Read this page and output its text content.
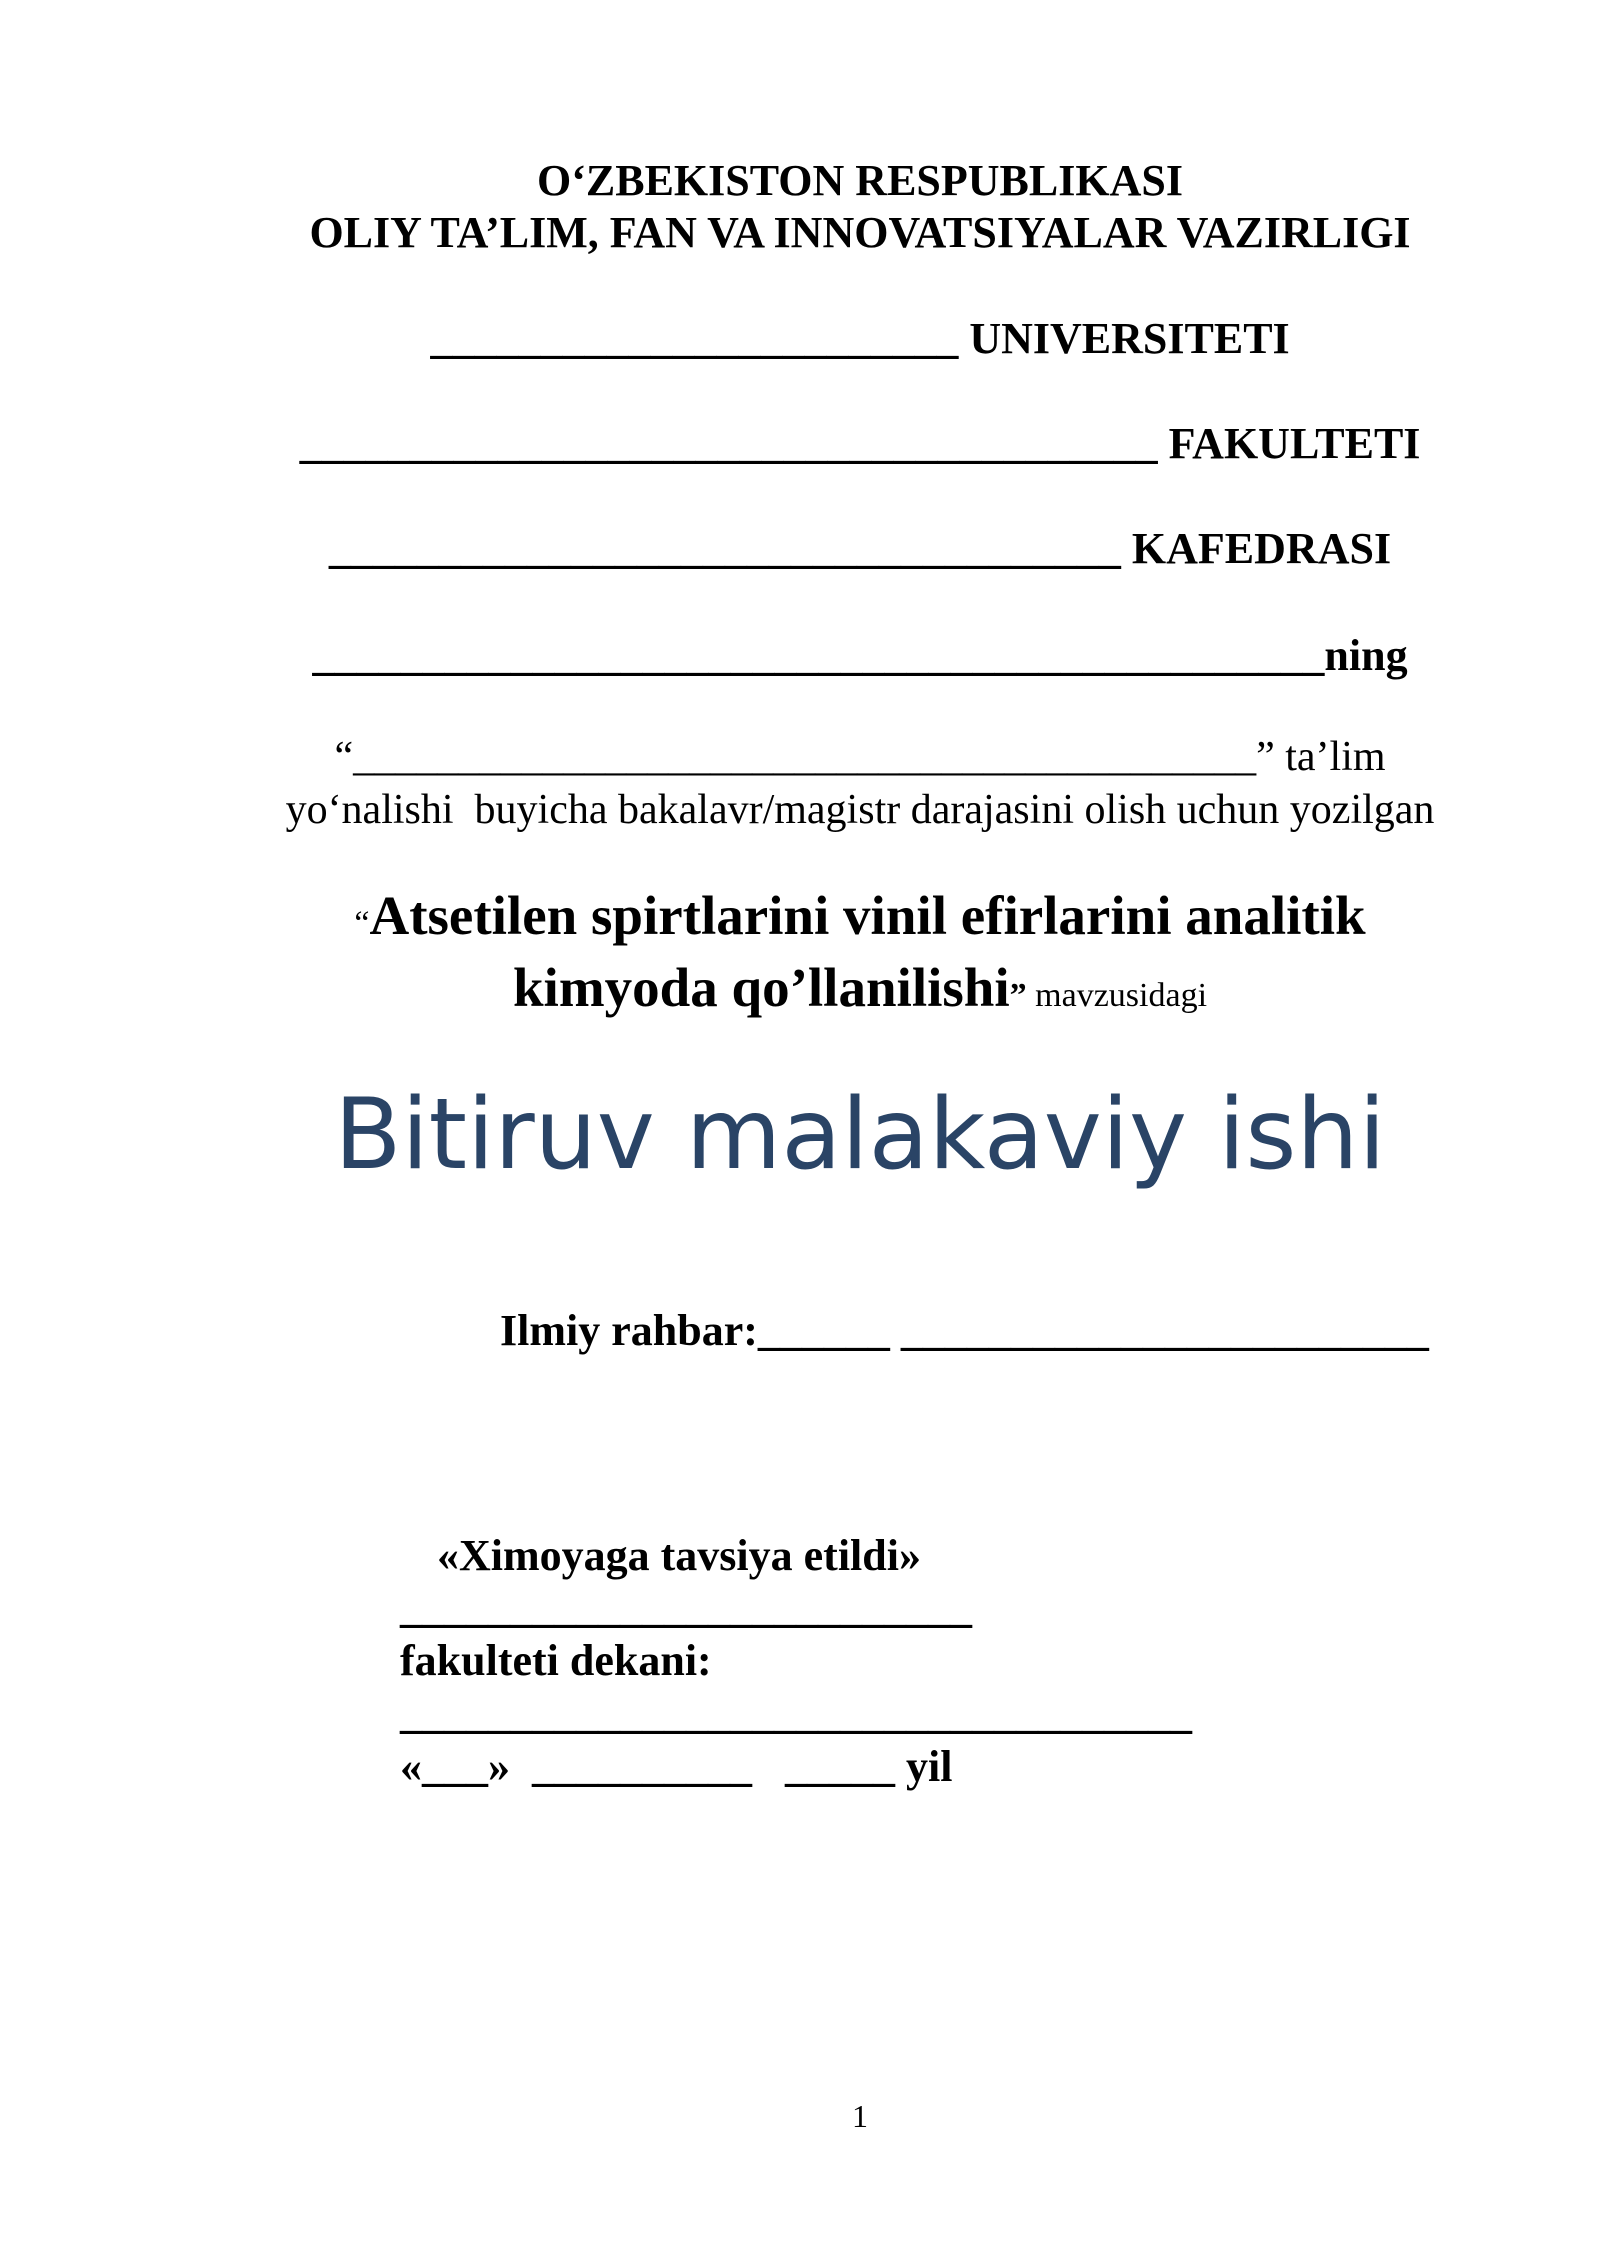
O‘ZBEKISTON RESPUBLIKASI
OLIY TA’LIM, FAN VA INNOVATSIYALAR VAZIRLIGI
________________________ UNIVERSITETI
_______________________________________ FAKULTETI
____________________________________ KAFEDRASI
______________________________________________ning
“___________________________________________” ta’lim
yo‘nalishi  buyicha bakalavr/magistr darajasini olish uchun yozilgan
“Atsetilen spirtlarini vinil efirlarini analitik
kimyoda qo’llanilishi” mavzusidagi
Bitiruv malakaviy ishi
Ilmiy rahbar:______ ________________________
«Ximoyaga tavsiya etildi»
__________________________
fakulteti dekani:
____________________________________
«___»  __________   _____ yil
1
